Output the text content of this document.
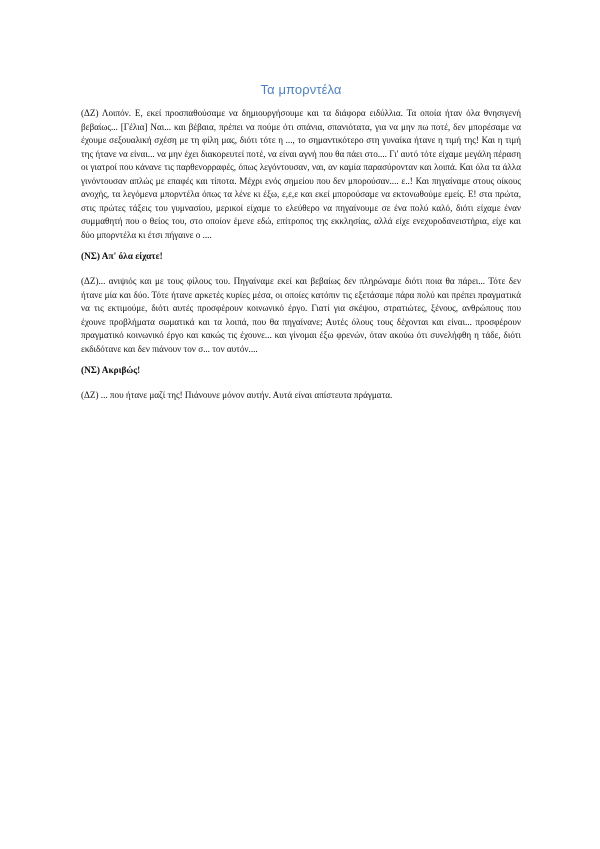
Τα μπορντέλα

(ΔΖ) Λοιπόν. Ε, εκεί προσπαθούσαμε να δημιουργήσουμε και τα διάφορα ειδύλλια. Τα οποία ήταν όλα θνησιγενή βεβαίως... [Γέλια] Ναι... και βέβαια, πρέπει να πούμε ότι σπάνια, σπανιότατα, για να μην πω ποτέ, δεν μπορέσαμε να έχουμε σεξουαλική σχέση με τη φίλη μας, διότι τότε η ..., το σημαντικότερο στη γυναίκα ήτανε η τιμή της! Και η τιμή της ήτανε να είναι... να μην έχει διακορευτεί ποτέ, να είναι αγνή που θα πάει στο.... Γι' αυτό τότε είχαμε μεγάλη πέραση οι γιατροί που κάνανε τις παρθενορραφές, όπως λεγόντουσαν, ναι, αν καμία παρασύρονταν και λοιπά. Και όλα τα άλλα γινόντουσαν απλώς με επαφές και τίποτα. Μέχρι ενός σημείου που δεν μπορούσαν.... ε..! Και πηγαίναμε στους οίκους ανοχής, τα λεγόμενα μπορντέλα όπως τα λένε κι έξω, ε,ε,ε και εκεί μπορούσαμε να εκτονωθούμε εμείς. Ε! στα πρώτα, στις πρώτες τάξεις του γυμνασίου, μερικοί είχαμε το ελεύθερο να πηγαίνουμε σε ένα πολύ καλό, διότι είχαμε έναν συμμαθητή που ο θείος του, στο οποίον έμενε εδώ, επίτροπος της εκκλησίας, αλλά είχε ενεχυροδανειστήρια, είχε και δύο μπορντέλα κι έτσι πήγαινε ο ....

(ΝΣ) Απ' όλα είχατε!

(ΔΖ)... ανιψιός και με τους φίλους του. Πηγαίναμε εκεί και βεβαίως δεν πληρώναμε διότι ποια θα πάρει... Τότε δεν ήτανε μία και δύο. Τότε ήτανε αρκετές κυρίες μέσα, οι οποίες κατόπιν τις εξετάσαμε πάρα πολύ και πρέπει πραγματικά να τις εκτιμούμε, διότι αυτές προσφέρουν κοινωνικό έργο. Γιατί για σκέψου, στρατιώτες, ξένους, ανθρώπους που έχουνε προβλήματα σωματικά και τα λοιπά, που θα πηγαίνανε; Αυτές όλους τους δέχονται και είναι... προσφέρουν πραγματικό κοινωνικό έργο και κακώς τις έχουνε... και γίνομαι έξω φρενών, όταν ακούω ότι συνελήφθη η τάδε, διότι εκδιδότανε και δεν πιάνουν τον σ... τον αυτόν....

(ΝΣ) Ακριβώς!

(ΔΖ) ... που ήτανε μαζί της! Πιάνουνε μόνον αυτήν. Αυτά είναι απίστευτα πράγματα.
